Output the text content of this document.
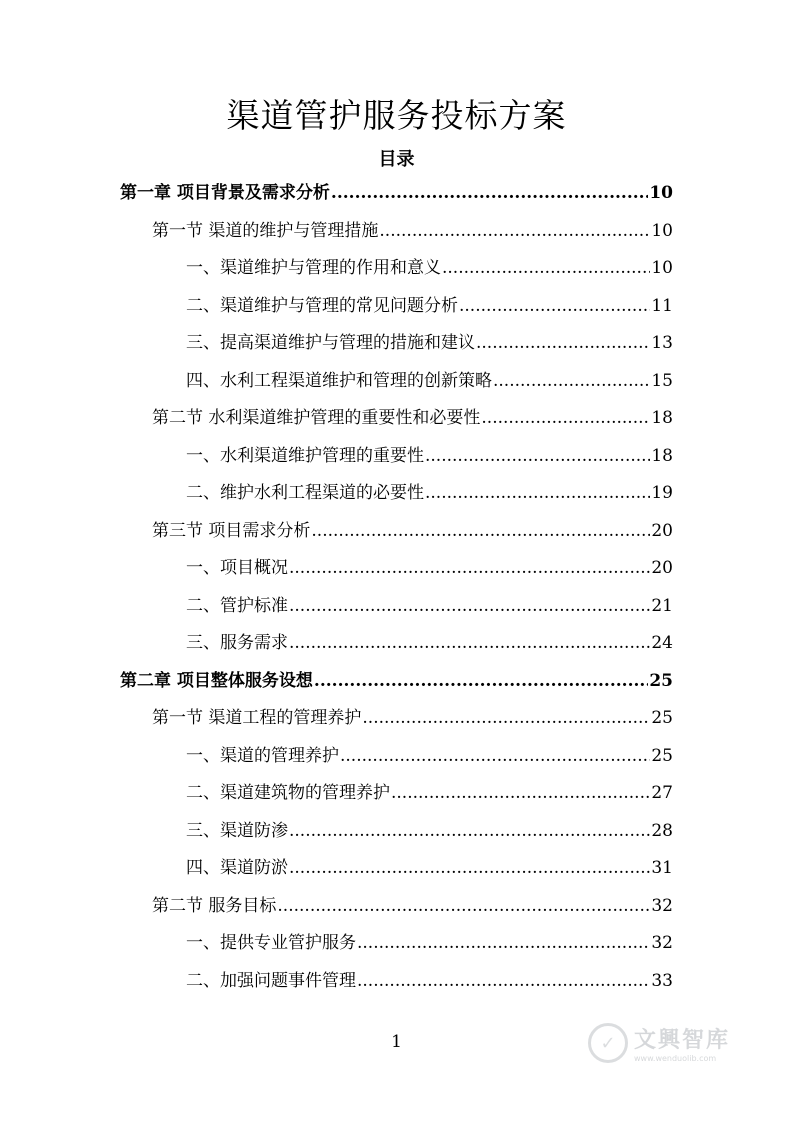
渠道管护服务投标方案
目录
第一章 项目背景及需求分析 .....	10
第一节 渠道的维护与管理措施 .....	10
一、渠道维护与管理的作用和意义 .....	10
二、渠道维护与管理的常见问题分析 .....	11
三、提高渠道维护与管理的措施和建议 .....	13
四、水利工程渠道维护和管理的创新策略 .....	15
第二节 水利渠道维护管理的重要性和必要性 .....	18
一、水利渠道维护管理的重要性 .....	18
二、维护水利工程渠道的必要性 .....	19
第三节 项目需求分析 .....	20
一、项目概况 .....	20
二、管护标准 .....	21
三、服务需求 .....	24
第二章 项目整体服务设想 .....	25
第一节 渠道工程的管理养护 .....	25
一、渠道的管理养护 .....	25
二、渠道建筑物的管理养护 .....	27
三、渠道防渗 .....	28
四、渠道防淤 .....	31
第二节 服务目标 .....	32
一、提供专业管护服务 .....	32
二、加强问题事件管理 .....	33
1	✓ 文興智库
www.wenduolib.com
